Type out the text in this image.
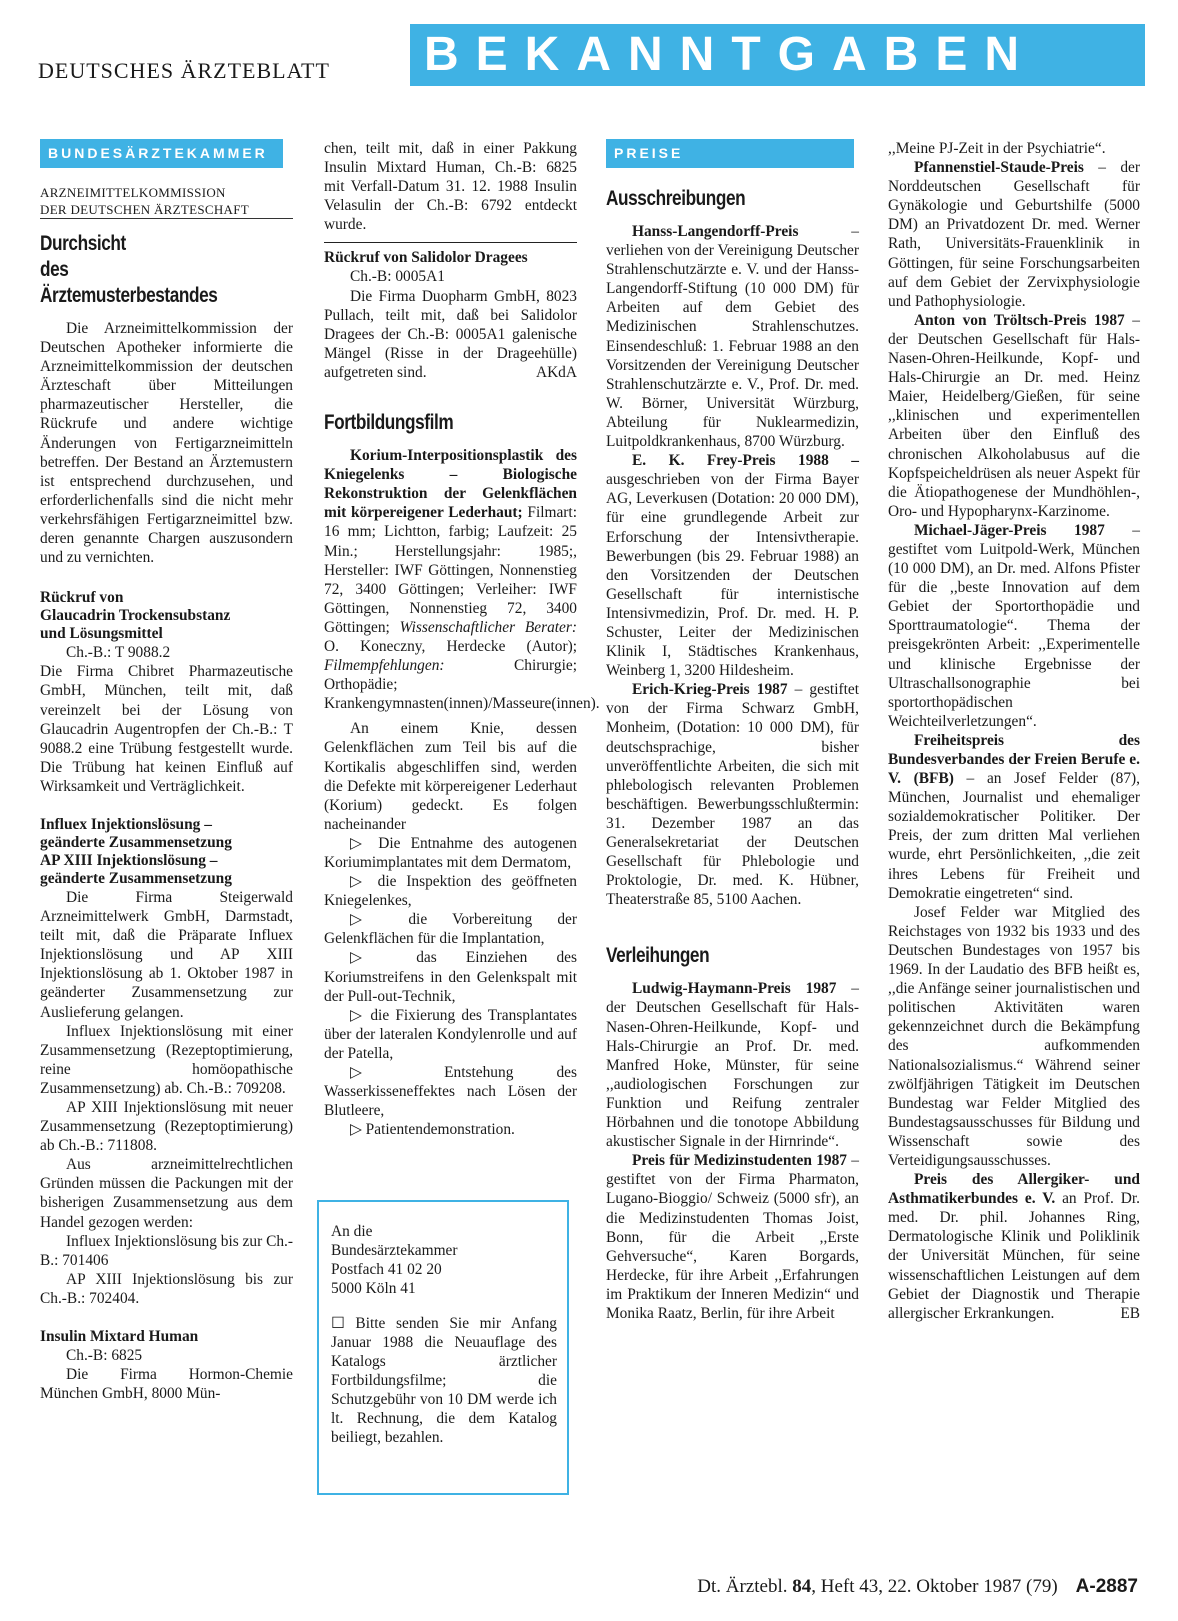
DEUTSCHES ÄRZTEBLATT BEKANNTGABEN
BUNDESÄRZTEKAMMER
ARZNEIMITTELKOMMISSION
DER DEUTSCHEN ÄRZTESCHAFT
Durchsicht
des Ärztemusterbestandes

Die Arzneimittelkommission der Deutschen Apotheker informierte die Arzneimittelkommission der deutschen Ärzteschaft über Mitteilungen pharmazeutischer Hersteller, die Rückrufe und andere wichtige Änderungen von Fertigarzneimitteln betreffen. Der Bestand an Ärztemustern ist entsprechend durchzusehen, und erforderlichenfalls sind die nicht mehr verkehrsfähigen Fertigarzneimittel bzw. deren genannte Chargen auszusondern und zu vernichten.

Rückruf von
Glaucadrin Trockensubstanz
und Lösungsmittel

Ch.-B.: T 9088.2

Die Firma Chibret Pharmazeutische GmbH, München, teilt mit, daß vereinzelt bei der Lösung von Glaucadrin Augentropfen der Ch.-B.: T 9088.2 eine Trübung festgestellt wurde. Die Trübung hat keinen Einfluß auf Wirksamkeit und Verträglichkeit.

Influex Injektionslösung –
geänderte Zusammensetzung
AP XIII Injektionslösung –
geänderte Zusammensetzung

Die Firma Steigerwald Arzneimittelwerk GmbH, Darmstadt, teilt mit, daß die Präparate Influex Injektionslösung und AP XIII Injektionslösung ab 1. Oktober 1987 in geänderter Zusammensetzung zur Auslieferung gelangen.

Influex Injektionslösung mit einer Zusammensetzung (Rezeptoptimierung, reine homöopathische Zusammensetzung) ab. Ch.-B.: 709208.

AP XIII Injektionslösung mit neuer Zusammensetzung (Rezeptoptimierung) ab Ch.-B.: 711808.

Aus arzneimittelrechtlichen Gründen müssen die Packungen mit der bisherigen Zusammensetzung aus dem Handel gezogen werden:

Influex Injektionslösung bis zur Ch.-B.: 701406

AP XIII Injektionslösung bis zur Ch.-B.: 702404.

Insulin Mixtard Human

Ch.-B: 6825

Die Firma Hormon-Chemie München GmbH, 8000 Mün-

chen, teilt mit, daß in einer Pakkung Insulin Mixtard Human, Ch.-B: 6825 mit Verfall-Datum 31. 12. 1988 Insulin Velasulin der Ch.-B: 6792 entdeckt wurde.

Rückruf von Salidolor Dragees

Ch.-B: 0005A1

Die Firma Duopharm GmbH, 8023 Pullach, teilt mit, daß bei Salidolor Dragees der Ch.-B: 0005A1 galenische Mängel (Risse in der Drageehülle) aufgetreten sind.	AKdA

Fortbildungsfilm

Korium-Interpositionsplastik des Kniegelenks – Biologische Rekonstruktion der Gelenkflächen mit körpereigener Lederhaut; Filmart: 16 mm; Lichtton, farbig; Laufzeit: 25 Min.; Herstellungsjahr: 1985;, Hersteller: IWF Göttingen, Nonnenstieg 72, 3400 Göttingen; Verleiher: IWF Göttingen, Nonnenstieg 72, 3400 Göttingen; Wissenschaftlicher Berater: O. Koneczny, Herdecke (Autor); Filmempfehlungen: Chirurgie; Orthopädie; Krankengymnasten(innen)/Masseure(innen).

An einem Knie, dessen Gelenkflächen zum Teil bis auf die Kortikalis abgeschliffen sind, werden die Defekte mit körpereigener Lederhaut (Korium) gedeckt. Es folgen nacheinander

▷ Die Entnahme des autogenen Koriumimplantates mit dem Dermatom,

▷ die Inspektion des geöffneten Kniegelenkes,

▷ die Vorbereitung der Gelenkflächen für die Implantation,

▷ das Einziehen des Koriumstreifens in den Gelenkspalt mit der Pull-out-Technik,

▷ die Fixierung des Transplantates über der lateralen Kondylenrolle und auf der Patella,

▷ Entstehung des Wasserkisseneffektes nach Lösen der Blutleere,

▷ Patientendemonstration.

An die

Bundesärztekammer

Postfach 41 02 20

5000 Köln 41

☐ Bitte senden Sie mir Anfang Januar 1988 die Neuauflage des Katalogs ärztlicher Fortbildungsfilme; die Schutzgebühr von 10 DM werde ich lt. Rechnung, die dem Katalog beiliegt, bezahlen.

PREISE
Ausschreibungen

Hanss-Langendorff-Preis – verliehen von der Vereinigung Deutscher Strahlenschutzärzte e. V. und der Hanss-Langendorff-Stiftung (10 000 DM) für Arbeiten auf dem Gebiet des Medizinischen Strahlenschutzes. Einsendeschluß: 1. Februar 1988 an den Vorsitzenden der Vereinigung Deutscher Strahlenschutzärzte e. V., Prof. Dr. med. W. Börner, Universität Würzburg, Abteilung für Nuklearmedizin, Luitpoldkrankenhaus, 8700 Würzburg.

E. K. Frey-Preis 1988 – ausgeschrieben von der Firma Bayer AG, Leverkusen (Dotation: 20 000 DM), für eine grundlegende Arbeit zur Erforschung der Intensivtherapie. Bewerbungen (bis 29. Februar 1988) an den Vorsitzenden der Deutschen Gesellschaft für internistische Intensivmedizin, Prof. Dr. med. H. P. Schuster, Leiter der Medizinischen Klinik I, Städtisches Krankenhaus, Weinberg 1, 3200 Hildesheim.

Erich-Krieg-Preis 1987 – gestiftet von der Firma Schwarz GmbH, Monheim, (Dotation: 10 000 DM), für deutschsprachige, bisher unveröffentlichte Arbeiten, die sich mit phlebologisch relevanten Problemen beschäftigen. Bewerbungsschlußtermin: 31. Dezember 1987 an das Generalsekretariat der Deutschen Gesellschaft für Phlebologie und Proktologie, Dr. med. K. Hübner, Theaterstraße 85, 5100 Aachen.

Verleihungen

Ludwig-Haymann-Preis 1987 – der Deutschen Gesellschaft für Hals-Nasen-Ohren-Heilkunde, Kopf- und Hals-Chirurgie an Prof. Dr. med. Manfred Hoke, Münster, für seine ,,audiologischen Forschungen zur Funktion und Reifung zentraler Hörbahnen und die tonotope Abbildung akustischer Signale in der Hirnrinde“.

Preis für Medizinstudenten 1987 – gestiftet von der Firma Pharmaton, Lugano-Bioggio/ Schweiz (5000 sfr), an die Medizinstudenten Thomas Joist, Bonn, für die Arbeit ,,Erste Gehversuche“, Karen Borgards, Herdecke, für ihre Arbeit ,,Erfahrungen im Praktikum der Inneren Medizin“ und Monika Raatz, Berlin, für ihre Arbeit

,,Meine PJ-Zeit in der Psychiatrie“.

Pfannenstiel-Staude-Preis – der Norddeutschen Gesellschaft für Gynäkologie und Geburtshilfe (5000 DM) an Privatdozent Dr. med. Werner Rath, Universitäts-Frauenklinik in Göttingen, für seine Forschungsarbeiten auf dem Gebiet der Zervixphysiologie und Pathophysiologie.

Anton von Tröltsch-Preis 1987 – der Deutschen Gesellschaft für Hals-Nasen-Ohren-Heilkunde, Kopf- und Hals-Chirurgie an Dr. med. Heinz Maier, Heidelberg/Gießen, für seine ,,klinischen und experimentellen Arbeiten über den Einfluß des chronischen Alkoholabusus auf die Kopfspeicheldrüsen als neuer Aspekt für die Ätiopathogenese der Mundhöhlen-, Oro- und Hypopharynx-Karzinome.

Michael-Jäger-Preis 1987 – gestiftet vom Luitpold-Werk, München (10 000 DM), an Dr. med. Alfons Pfister für die ,,beste Innovation auf dem Gebiet der Sportorthopädie und Sporttraumatologie“. Thema der preisgekrönten Arbeit: ,,Experimentelle und klinische Ergebnisse der Ultraschallsonographie bei sportorthopädischen Weichteilverletzungen“.

Freiheitspreis des Bundesverbandes der Freien Berufe e. V. (BFB) – an Josef Felder (87), München, Journalist und ehemaliger sozialdemokratischer Politiker. Der Preis, der zum dritten Mal verliehen wurde, ehrt Persönlichkeiten, ,,die zeit ihres Lebens für Freiheit und Demokratie eingetreten“ sind.

Josef Felder war Mitglied des Reichstages von 1932 bis 1933 und des Deutschen Bundestages von 1957 bis 1969. In der Laudatio des BFB heißt es, ,,die Anfänge seiner journalistischen und politischen Aktivitäten waren gekennzeichnet durch die Bekämpfung des aufkommenden Nationalsozialismus.“ Während seiner zwölfjährigen Tätigkeit im Deutschen Bundestag war Felder Mitglied des Bundestagsausschusses für Bildung und Wissenschaft sowie des Verteidigungsausschusses.

Preis des Allergiker- und Asthmatikerbundes e. V. an Prof. Dr. med. Dr. phil. Johannes Ring, Dermatologische Klinik und Poliklinik der Universität München, für seine wissenschaftlichen Leistungen auf dem Gebiet der Diagnostik und Therapie allergischer Erkrankungen.	EB

Dt. Ärztebl. 84, Heft 43, 22. Oktober 1987 (79) A-2887
